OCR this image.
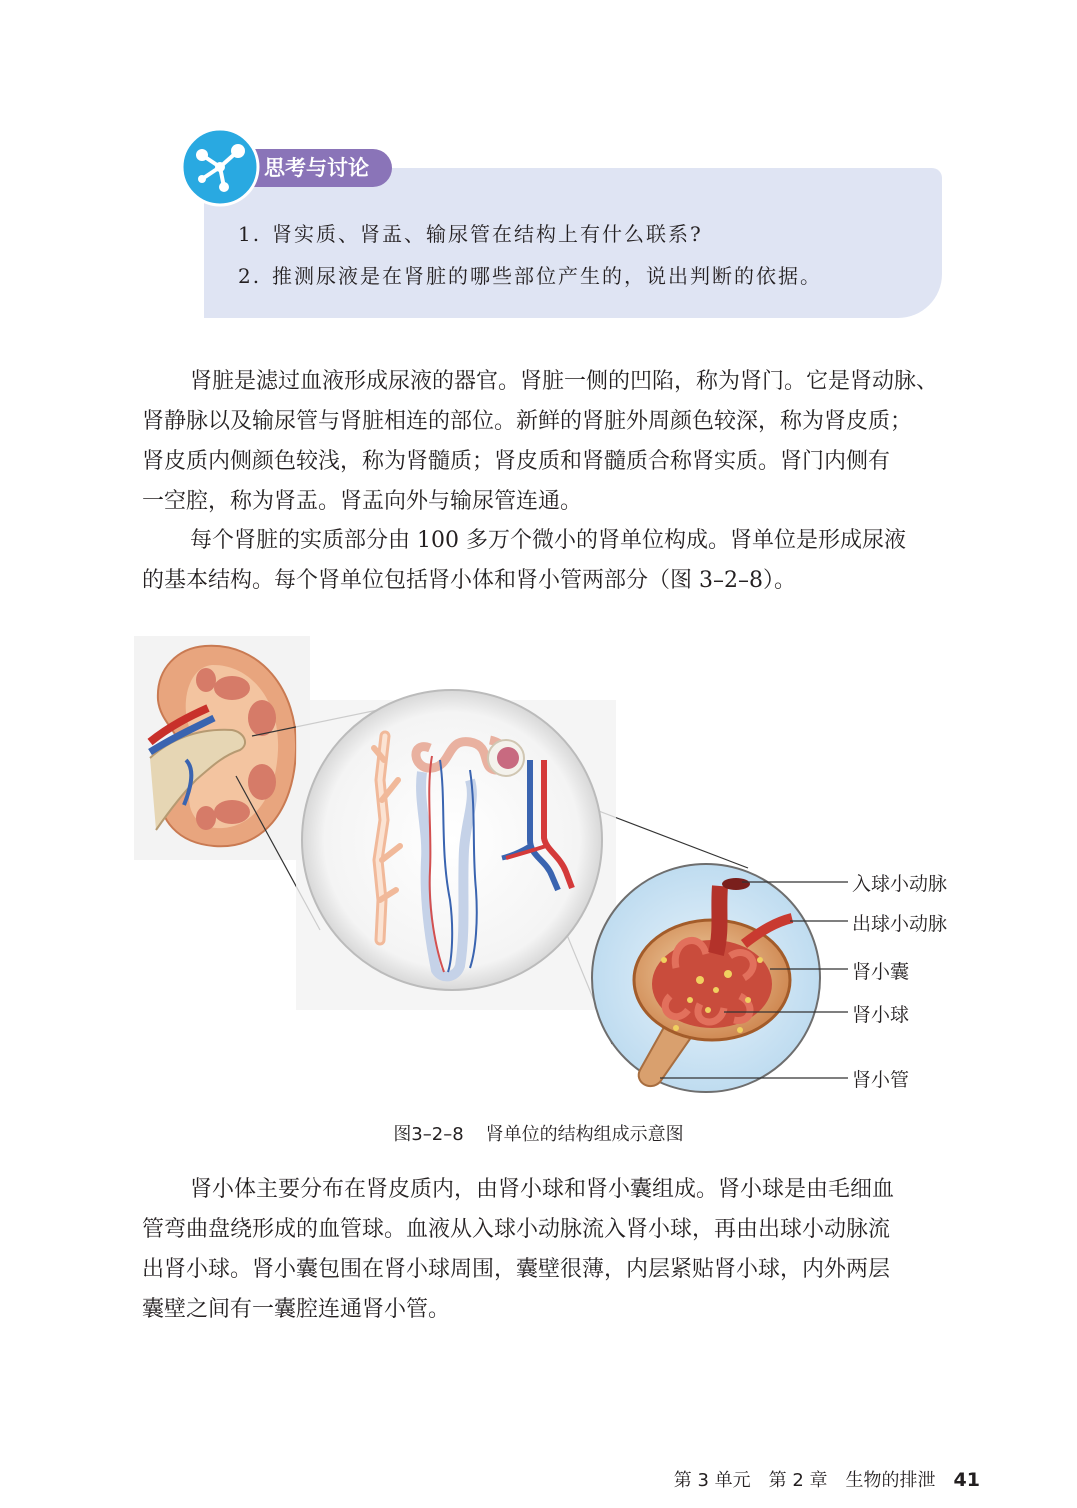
思考与讨论
1. 肾实质、肾盂、输尿管在结构上有什么联系?
2. 推测尿液是在肾脏的哪些部位产生的，说出判断的依据。
肾脏是滤过血液形成尿液的器官。肾脏一侧的凹陷，称为肾门。它是肾动脉、
肾静脉以及输尿管与肾脏相连的部位。新鲜的肾脏外周颜色较深，称为肾皮质；
肾皮质内侧颜色较浅，称为肾髓质；肾皮质和肾髓质合称肾实质。肾门内侧有
一空腔，称为肾盂。肾盂向外与输尿管连通。
每个肾脏的实质部分由 100 多万个微小的肾单位构成。肾单位是形成尿液
的基本结构。每个肾单位包括肾小体和肾小管两部分（图 3–2–8）。
入球小动脉
出球小动脉
肾小囊
肾小球
肾小管
图3–2–8 肾单位的结构组成示意图
肾小体主要分布在肾皮质内，由肾小球和肾小囊组成。肾小球是由毛细血
管弯曲盘绕形成的血管球。血液从入球小动脉流入肾小球，再由出球小动脉流
出肾小球。肾小囊包围在肾小球周围，囊壁很薄，内层紧贴肾小球，内外两层
囊壁之间有一囊腔连通肾小管。
第 3 单元 第 2 章 生物的排泄 41
